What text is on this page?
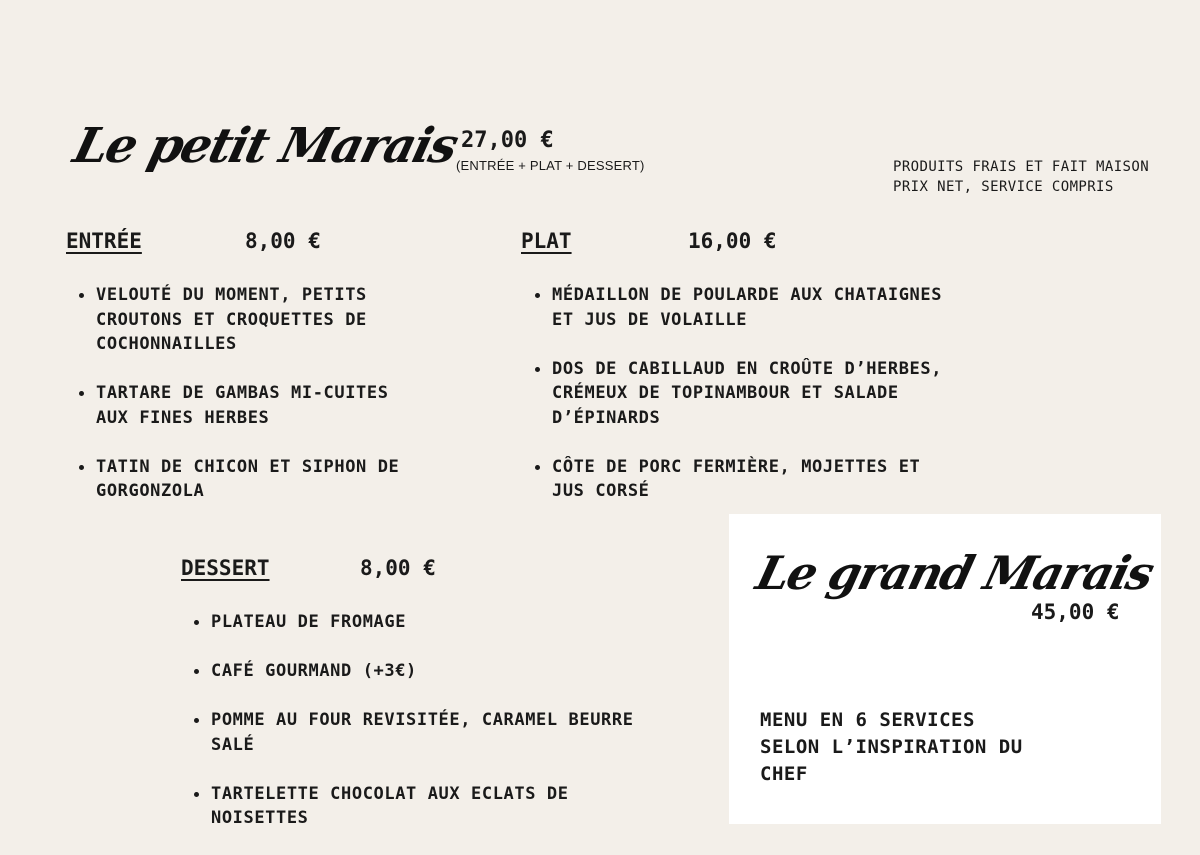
Le petit Marais
27,00 €
(ENTRÉE + PLAT + DESSERT)	PRODUITS FRAIS ET FAIT MAISON
PRIX NET, SERVICE COMPRIS
ENTRÉE	8,00 €
VELOUTÉ DU MOMENT, PETITS CROUTONS ET CROQUETTES DE COCHONNAILLES
TARTARE DE GAMBAS MI-CUITES AUX FINES HERBES
TATIN DE CHICON ET SIPHON DE GORGONZOLA
PLAT	16,00 €
MÉDAILLON DE POULARDE AUX CHATAIGNES ET JUS DE VOLAILLE
DOS DE CABILLAUD EN CROÛTE D’HERBES, CRÉMEUX DE TOPINAMBOUR ET SALADE D’ÉPINARDS
CÔTE DE PORC FERMIÈRE, MOJETTES ET JUS CORSÉ
DESSERT	8,00 €
PLATEAU DE FROMAGE
CAFÉ GOURMAND (+3€)
POMME AU FOUR REVISITÉE, CARAMEL BEURRE SALÉ
TARTELETTE CHOCOLAT AUX ECLATS DE NOISETTES
Le grand Marais
45,00 €
MENU EN 6 SERVICES
SELON L’INSPIRATION DU
CHEF
